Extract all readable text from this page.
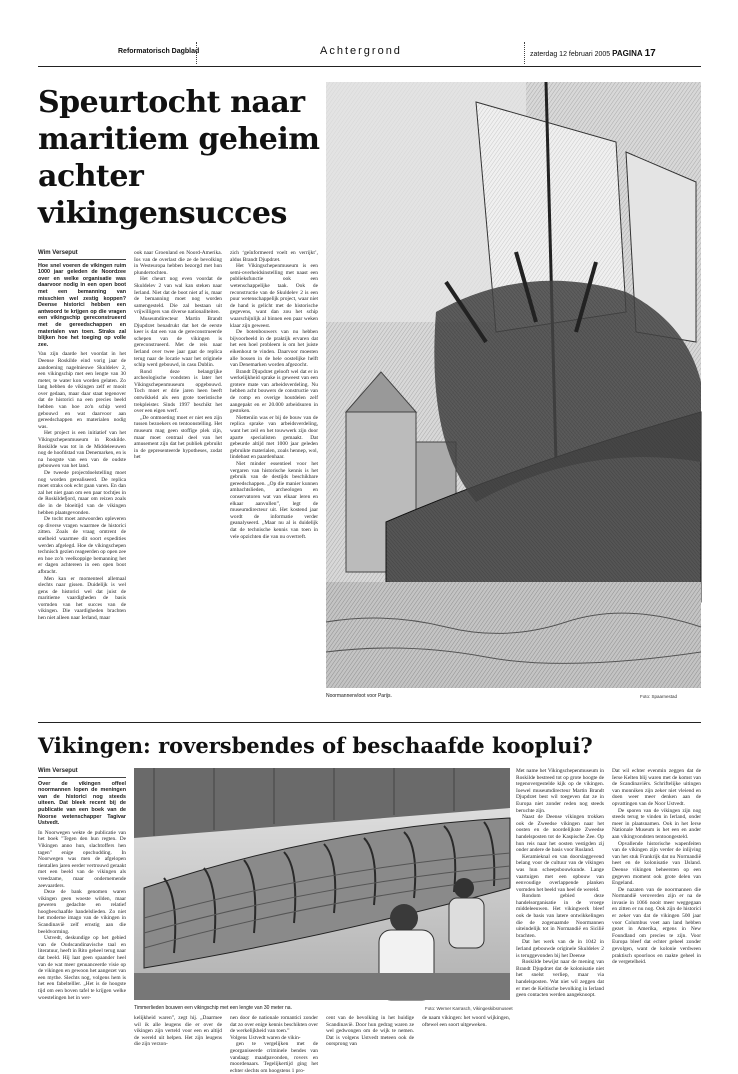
Reformatorisch Dagblad	Achtergrond	zaterdag 12 februari 2005 PAGINA 17
Speurtocht naar maritiem geheim achter vikingensucces
Wim Verseput

Hoe snel voeren de vikingen ruim 1000 jaar geleden de Noordzee over en welke organisatie was daarvoor nodig in een open boot met een bemanning van misschien wel zestig koppen? Deense historici hebben een antwoord te krijgen op die vragen een vikingschip gereconstrueerd met de gereedschappen en materialen van toen. Straks zal blijken hoe het toeging op volle zee.

Van zijn daarde het voordat in het Deense Roskilde eind vorig jaar de aandoening nagelnieuwe Skuldelev 2, een vikingschip met een lengte van 30 meter, te water kon worden gelaten. Zo lang hebben de vikingen zelf er mooit over gedaan, maar daar staat tegenover dat de historici na een precies beeld hebben van hoe zo'n schip werd gebouwd en wat daarvoor aan gereedschappen en materialen nodig was.

Het project is een initiatief van het Vikingschepenmuseum in Roskilde. Roskilde was tot in de Middeleeuwen nog de hoofdstad van Denemarken, en is na hoogste van een van de oudste gebouwen van het land.

De tweede projectdoelstelling moet nog worden gerealiseerd. De replica moet straks ook echt gaan varen. En dan zal het niet gaan om een paar tochtjes in de Roskildefjord, maar om reizen zoals die in de bloeitijd van de vikingen hebben plaatsgevonden.

De tocht moet antwoorden opleveren op diverse vragen waarmee de historici zitten. Zoals de vraag omtrent de snelheid waarmee dit soort expedities werden afgelegd. Hoe de vikingschepen technisch gezien reageerden op open zee en hoe zo'n veelkoppige bemanning het er dagen achtereen in een open boot afbracht.

Men kan er momenteel allemaal slechts naar gissen. Duidelijk is wel gens de historici wel dat juist de maritieme vaardigheden de basis vormden van het succes van de vikingen. Die vaardigheden brachten hen niet alleen naar Ierland, maar

ook naar Groenland en Noord-Amerika. Ios van de overlast die ze de bevolking in Westeuropa hebben bezorgd met hun plundertochten.

Het cheurt nog even voordat de Skuldelev 2 van wal kan steken naar Ierland. Niet dat de boot niet af is, maar de bemanning moet nog worden samengesteld. Die zal bestaan uit vrijwilligers van diverse nationaliteiten.

Museumdirecteur Martin Brandt Djupdræt benadrukt dat het de eerste keer is dat een van de gereconstrueerde schepen van de vikingen is gereconstrueerd. Met de reis naar Ierland over twee jaar gaat de replica terug naar de locatie waar het originele schip werd gebouwd, in casu Dublin.

Rond deze belangrijke archeologische vondsten is later het Vikingschepenmuseum opgebouwd. Toch moet er drie jaren heen beeft ontwikkeld als een grote toeristische trekpleister. Sinds 1997 beschikt het over een eigen werf.

„De ontmoeting moet er niet een zijn tussen bezoekers en tentoonstelling. Het museum mag geen stoffige plek zijn, maar moet centraal deel van het amusement zijn dat het publiek gebruikt in de gepresenteerde hypotheses, zodat het

zich ‘geïnformeerd voelt en verrijkt’, aldus Brandt Djupdræt.

Het Vikingschepenmuseum is een semi-overheidsinstelling met naast een publieksfunctie ook een wetenschappelijke taak. Ook de reconstructie van de Skuldelev 2 is een puur wetenschappelijk project, waar niet de hand is gelicht met de historische gegevens, want dan zou het schip waarschijnlijk al binnen een paar weken klaar zijn geweest.

De botenbouwers van nu hebben bijvoorbeeld in de praktijk ervaren dat het een hoel probleem is om het juiste eikenhout te vinden. Daarvoor moesten alle bossen in de hele oostelijke helft van Denemarken worden afgezocht.

Brandt Djupdræt gelooft wel dat er in werkelijkheid sprake is geweest van een grotere mate van arbeidsverdeling. Nu hebben acht bouwers de constructie van de romp en overige houtdelen zelf aangepakt en er 20.000 arbeidsuren in gestoken.

Nietteniin was er bij de bouw van de replica sprake van arbeidsverdeling, want het zeil en het touwwerk zijn door aparte specialisten gemaakt. Dat gebeurde altijd met 1000 jaar geleden gebruikte materialen, zoals hennep, wol, lindebast en paardenhaar.

Niet minder essentieel voor het vergaren van historische kennis is het gebruik van de destijds beschikbare gereedschappen. „Op die manier kunnen ambachtslieden, archeologen en conservatoren wat van elkaar leren en elkaar aanvullen”, legt de museumdirecteur uit. Het kostend jaar wordt de informatie verder geanalyseerd. „Maar nu al is duidelijk dat de technische kennis van toen in vele opzichten die van nu overtreft.

Noormannenvloot voor Parijs.	Foto: Spaarnestad
Vikingen: roversbendes of beschaafde kooplui?
Wim Verseput

Over de vikingen offeel noormannen lopen de meningen van de historici nog steeds uiteen. Dat bleek recent bij de publicatie van een boek van de Noorse wetenschapper Tagivar Ustvedt.

In Noorwegen wekte de publicatie van het boek "Tegen den hun regten. De Vikingen anno hun, slachtoffers hen tagen" enige opschudding. In Noorwegen was men de afgelopen tientallen jaren eerder vertrouwd geraakt met een beeld van de vikingen als vreedzame, maar ondernemende zeevaarders.

Deze de bank genomen waren vikingen geen woeste wilden, maar geweren gedachte en relatief hoogbeschaafde handelslieden. Zo niet het moderne imago van de vikingen in Scandinavië zelf ernstig aan die beeldvorming.

Ustvedt, deskundige op het gebied van de Oudscandinavische taal en literatuur, heeft in Rito geheel terug naar dat beeld. Hij laat geen spaander heel van de wat meer genuanceerde visie op de vikingen en gewoon het aangezet van een mythe. Slechts nog, volgens hem is het een fabeltelller. „Het is de hoogste tijd om een boven tafel te krijgen welke woestelingen het in wer-

Timmerlieden bouwen een vikingschip met een lengte van 30 meter na.	Foto: Werner Karrasch, Vikingeskibsmuseet

kelijkheid waren”, zegt hij. „Daarmee wil ik alle leugens die er over de vikingen zijn verteld voor een en altijd de wereld uit helpen. Het zijn leugens die zijn verzon-

nen door de nationale romantici zonder dat zo over enige kennis beschikten over de werkelijkheid van toen.”

Volgens Ustvedt waren de vikin-

gen te vergelijken met de georganiseerde criminele bendes van vandaag: maadpavonden, rovers en moordenaars. Tegelijkertijd ging het echter slechts om hoogstens 1 pro-

cent van de bevolking in het huidige Scandinavië. Door hun gedrag waren ze wel gedwongen om de wijk te nemen. Dat is volgens Ustvedt meteen ook de oorsprong van

de naam vikingen: het woord wijkingen, oftewel een soort uitgeweken.

Met name het Vikingschepenmuseum in Roskilde bestreed tot op grote hoogte de tegenovergestelde kijk op de vikingen. Ioewel museumdirecteur Martin Brandt Djupdræt best wil toegeven dat ze in Europa niet zonder reden nog steeds beruchte zijn.

Naast de Deense vikingen trokken ook de Zweedse vikingen naar het oosten en de noordelijkste Zweedse handelsposten tot de Kaspische Zee. Op hun reis naar het oosten vestigden zij onder andere de basis voor Rusland.

Keramieknal en van doorslaggevend belang voor de cultuur van de vikingen was hun scheepsbouwkunde. Lange vaartuigen met een opbouw van eenvoudige overlappende planken vormden het beeld van heel de wereld.

Rondom gebied deze handelsorganisatie in de vroege middeleeuwen. Het vikingwerk bleef ook de basis van latere ontwikkelingen die de zogenaamde Noormannen uiteindelijk tot in Normandië en Sicilië brachten.

Dat het werk van de in 1042 in Ierland gebouwde originele Skuldelev 2 is teruggevonden bij het Deense

Roskilde bewijst naar de mening van Brandt Djupdræt dat de kolonisatie niet het snelst verliep, maar via handelsposten. Wat niet wil zeggen dat er met de Keltische bevolking in Ierland geen contacten werden aangeknoopt.

Dat wil echter evenmin zeggen dat de Ierse Kelten blij waren met de komst van de Scandinaviërs. Schriftelijke uitingen van monniken zijn zeker niet vleiend en doen weer meer denken aan de opvattingen van de Noor Ustvedt.

De sporen van de vikingen zijn nog steeds terug te vinden in Ierland, onder meer in plaatsnamen. Ook in het Ierse Nationale Museum is het een en ander aan vikingvondsten tentoongesteld.

Opvallende historische wapenfeiten van de vikingen zijn verder de inlijving van het stuk Frankrijk dat nu Normandië heet en de kolonisatie van IJsland. Deense vikingen beheersten op een gegeven moment ook grote delen van Engeland.

De nazaten van de noormannen die Normandië veroverden zijn er na de invasie in 1066 nooit meer weggegaan en zitten er nu nog. Ook zijn de historici er zeker van dat de vikingen 500 jaar voor Columbus voet aan land hebben gezet in Amerika, ergens in New Foundland om precies te zijn. Voor Europa bleef dat echter geheel zonder gevolgen, want de kolonie verdween praktisch spoorloos en raakte geheel in de vergetelheid.
